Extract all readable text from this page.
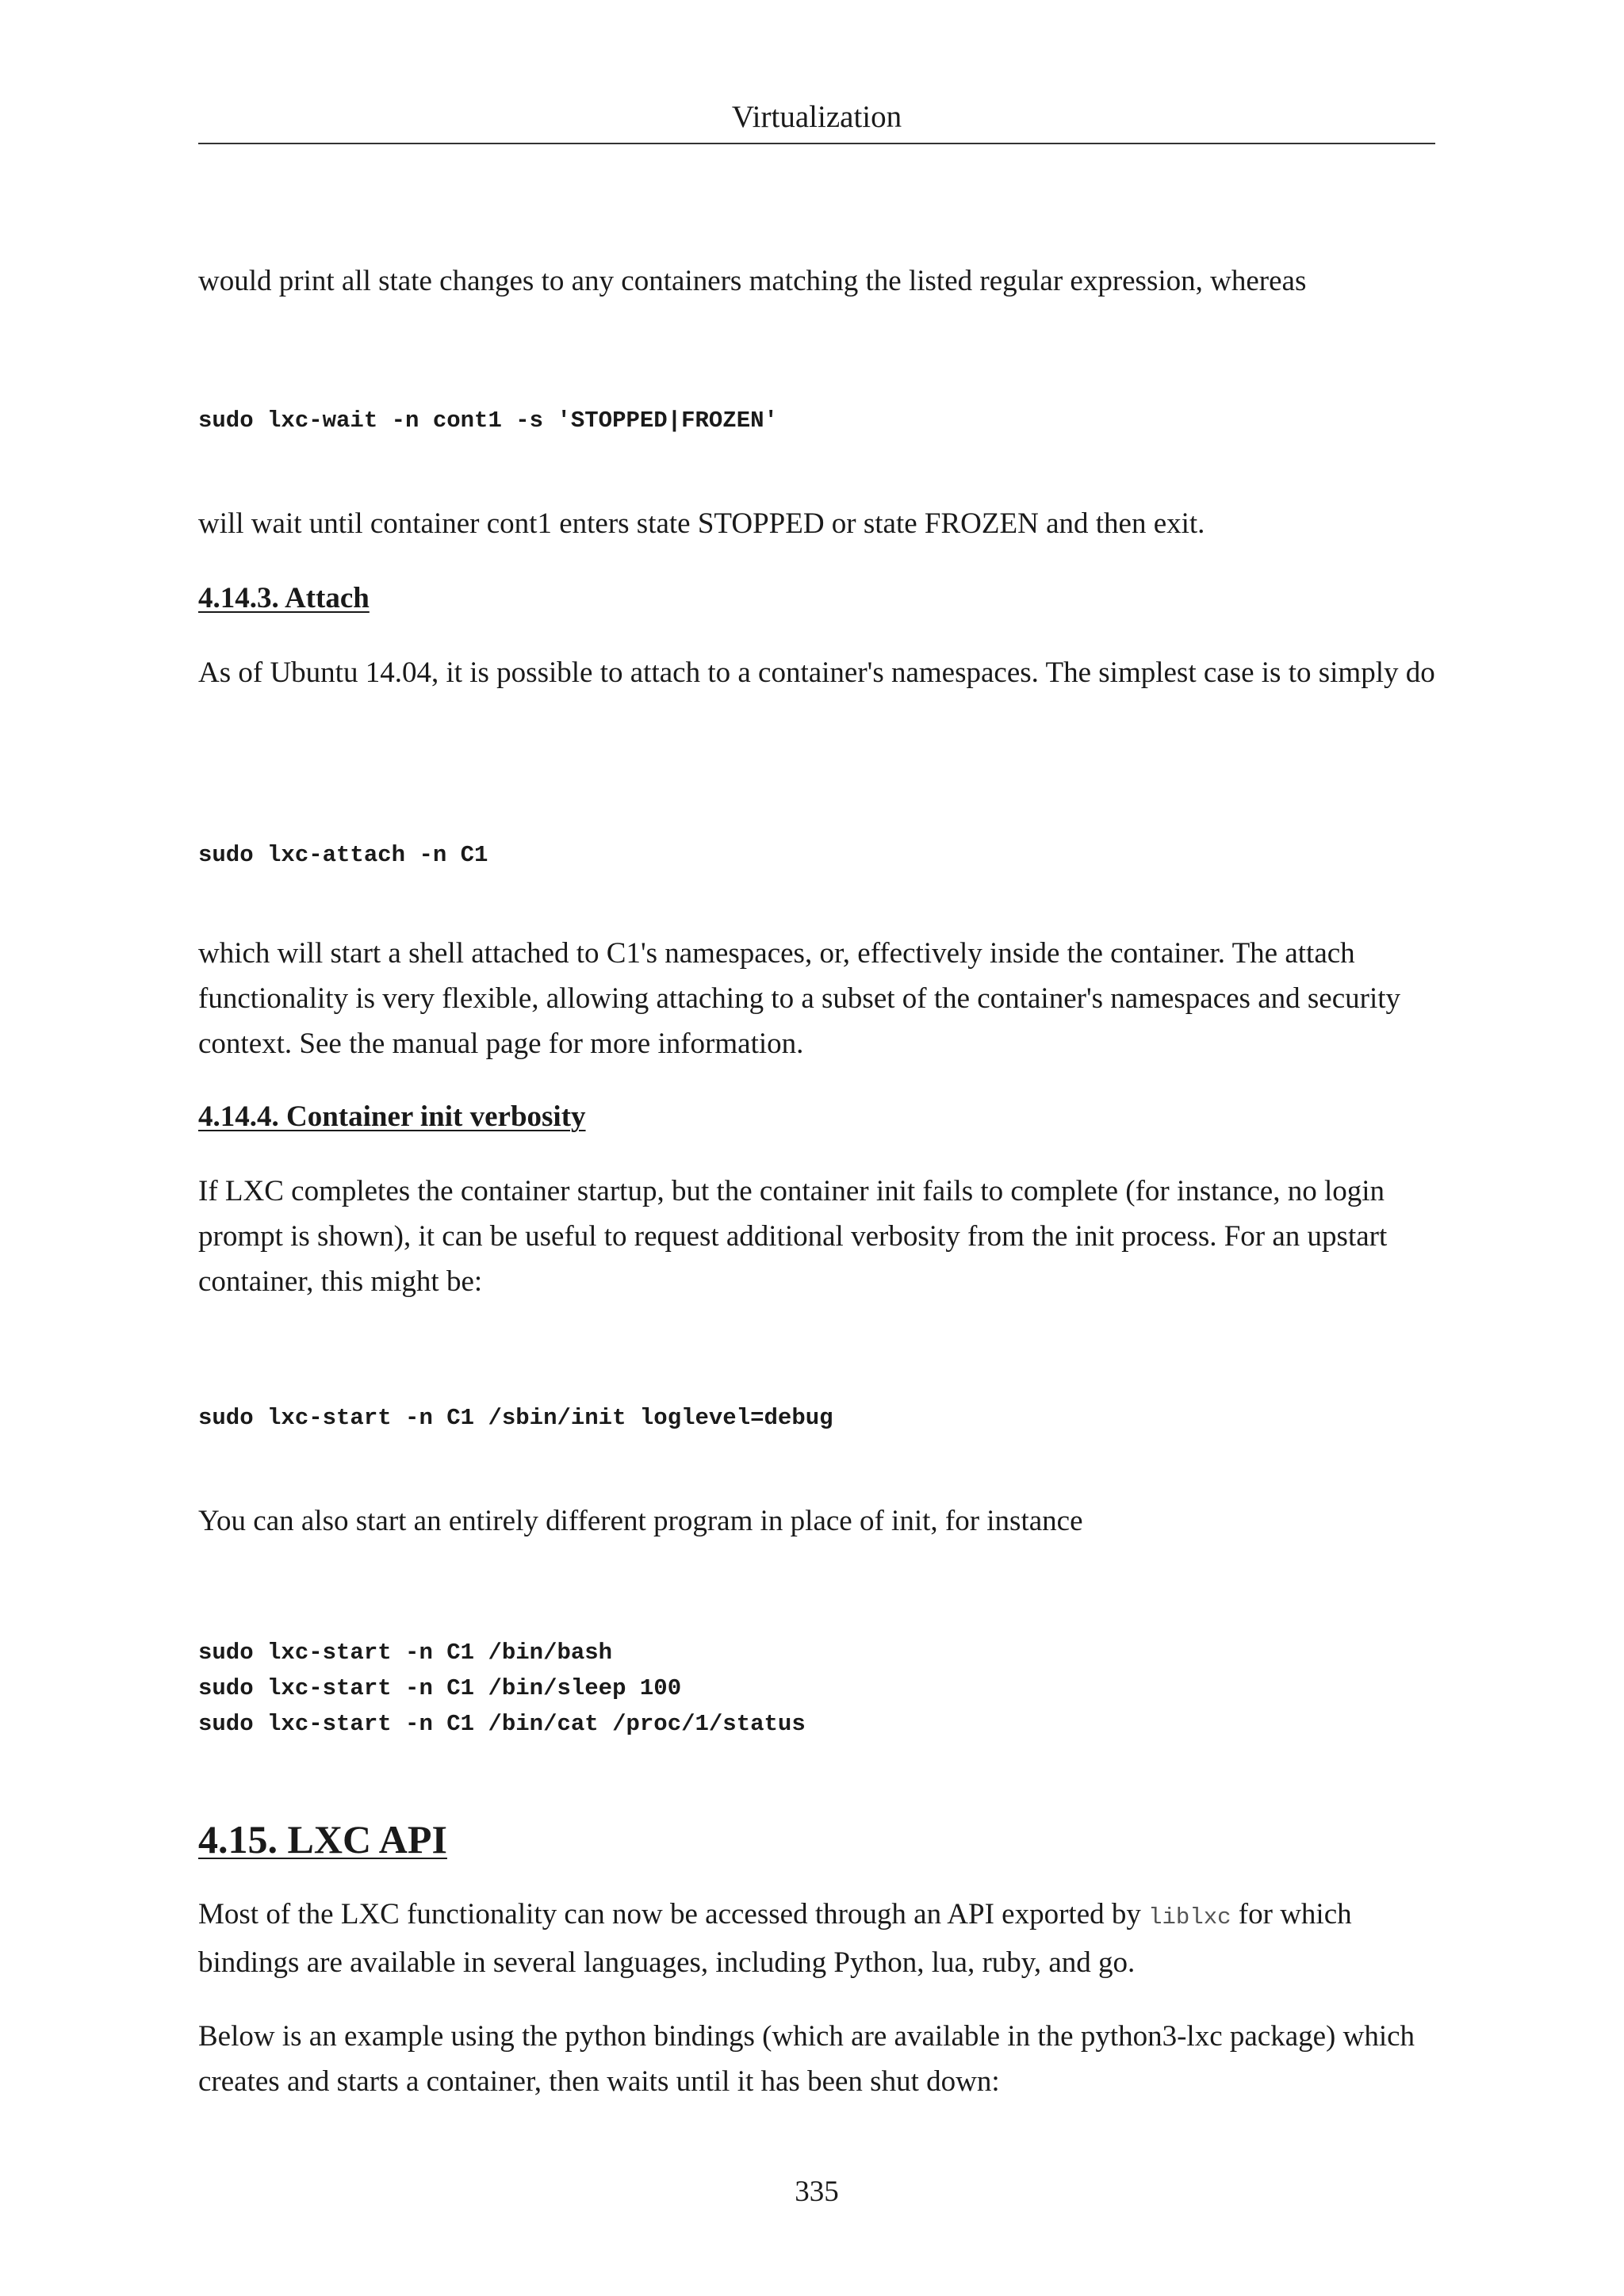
Virtualization

would print all state changes to any containers matching the listed regular expression, whereas

sudo lxc-wait -n cont1 -s 'STOPPED|FROZEN'

will wait until container cont1 enters state STOPPED or state FROZEN and then exit.

4.14.3. Attach

As of Ubuntu 14.04, it is possible to attach to a container's namespaces. The simplest case is to simply do

sudo lxc-attach -n C1

which will start a shell attached to C1's namespaces, or, effectively inside the container. The attach functionality is very flexible, allowing attaching to a subset of the container's namespaces and security context. See the manual page for more information.

4.14.4. Container init verbosity

If LXC completes the container startup, but the container init fails to complete (for instance, no login prompt is shown), it can be useful to request additional verbosity from the init process. For an upstart container, this might be:

sudo lxc-start -n C1 /sbin/init loglevel=debug

You can also start an entirely different program in place of init, for instance

sudo lxc-start -n C1 /bin/bash
sudo lxc-start -n C1 /bin/sleep 100
sudo lxc-start -n C1 /bin/cat /proc/1/status
4.15. LXC API

Most of the LXC functionality can now be accessed through an API exported by liblxc for which bindings are available in several languages, including Python, lua, ruby, and go.

Below is an example using the python bindings (which are available in the python3-lxc package) which creates and starts a container, then waits until it has been shut down:

335
